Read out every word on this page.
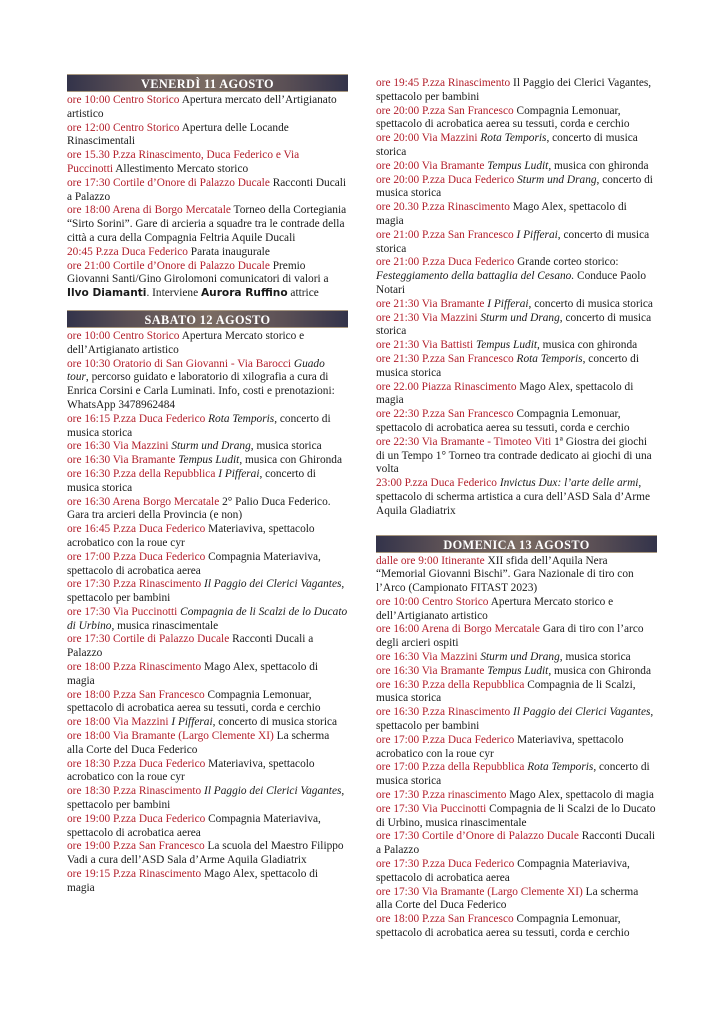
VENERDÌ 11 AGOSTO

ore 10:00 Centro Storico Apertura mercato dell’Artigianato artistico

ore 12:00 Centro Storico Apertura delle Locande Rinascimentali

ore 15.30 P.zza Rinascimento, Duca Federico e Via Puccinotti Allestimento Mercato storico

ore 17:30 Cortile d’Onore di Palazzo Ducale Racconti Ducali a Palazzo

ore 18:00 Arena di Borgo Mercatale Torneo della Cortegiania “Sirto Sorini”. Gare di arcieria a squadre tra le contrade della città a cura della Compagnia Feltria Aquile Ducali

20:45 P.zza Duca Federico Parata inaugurale

ore 21:00 Cortile d’Onore di Palazzo Ducale Premio Giovanni Santi/Gino Girolomoni comunicatori di valori a Ilvo Diamanti. Interviene Aurora Ruffino attrice

SABATO 12 AGOSTO

ore 10:00 Centro Storico Apertura Mercato storico e dell’Artigianato artistico

ore 10:30 Oratorio di San Giovanni - Via Barocci Guado tour, percorso guidato e laboratorio di xilografia a cura di Enrica Corsini e Carla Luminati. Info, costi e prenotazioni: WhatsApp 3478962484

ore 16:15 P.zza Duca Federico Rota Temporis, concerto di musica storica

ore 16:30 Via Mazzini Sturm und Drang, musica storica

ore 16:30 Via Bramante Tempus Ludit, musica con Ghironda

ore 16:30 P.zza della Repubblica I Pifferai, concerto di musica storica

ore 16:30 Arena Borgo Mercatale 2° Palio Duca Federico. Gara tra arcieri della Provincia (e non)

ore 16:45 P.zza Duca Federico Materiaviva, spettacolo acrobatico con la roue cyr

ore 17:00 P.zza Duca Federico Compagnia Materiaviva, spettacolo di acrobatica aerea

ore 17:30 P.zza Rinascimento Il Paggio dei Clerici Vagantes, spettacolo per bambini

ore 17:30 Via Puccinotti Compagnia de li Scalzi de lo Ducato di Urbino, musica rinascimentale

ore 17:30 Cortile di Palazzo Ducale Racconti Ducali a Palazzo

ore 18:00 P.zza Rinascimento Mago Alex, spettacolo di magia

ore 18:00 P.zza San Francesco Compagnia Lemonuar, spettacolo di acrobatica aerea su tessuti, corda e cerchio

ore 18:00 Via Mazzini I Pifferai, concerto di musica storica

ore 18:00 Via Bramante (Largo Clemente XI) La scherma alla Corte del Duca Federico

ore 18:30 P.zza Duca Federico Materiaviva, spettacolo acrobatico con la roue cyr

ore 18:30 P.zza Rinascimento Il Paggio dei Clerici Vagantes, spettacolo per bambini

ore 19:00 P.zza Duca Federico Compagnia Materiaviva, spettacolo di acrobatica aerea

ore 19:00 P.zza San Francesco La scuola del Maestro Filippo Vadi a cura dell’ASD Sala d’Arme Aquila Gladiatrix

ore 19:15 P.zza Rinascimento Mago Alex, spettacolo di magia

ore 19:45 P.zza Rinascimento Il Paggio dei Clerici Vagantes, spettacolo per bambini

ore 20:00 P.zza San Francesco Compagnia Lemonuar, spettacolo di acrobatica aerea su tessuti, corda e cerchio

ore 20:00 Via Mazzini Rota Temporis, concerto di musica storica

ore 20:00 Via Bramante Tempus Ludit, musica con ghironda

ore 20:00 P.zza Duca Federico Sturm und Drang, concerto di musica storica

ore 20.30 P.zza Rinascimento Mago Alex, spettacolo di magia

ore 21:00 P.zza San Francesco I Pifferai, concerto di musica storica

ore 21:00 P.zza Duca Federico Grande corteo storico: Festeggiamento della battaglia del Cesano. Conduce Paolo Notari

ore 21:30 Via Bramante I Pifferai, concerto di musica storica

ore 21:30 Via Mazzini Sturm und Drang, concerto di musica storica

ore 21:30 Via Battisti Tempus Ludit, musica con ghironda

ore 21:30 P.zza San Francesco Rota Temporis, concerto di musica storica

ore 22.00 Piazza Rinascimento Mago Alex, spettacolo di magia

ore 22:30 P.zza San Francesco Compagnia Lemonuar, spettacolo di acrobatica aerea su tessuti, corda e cerchio

ore 22:30 Via Bramante - Timoteo Viti 1ª Giostra dei giochi di un Tempo 1° Torneo tra contrade dedicato ai giochi di una volta

23:00 P.zza Duca Federico Invictus Dux: l’arte delle armi, spettacolo di scherma artistica a cura dell’ASD Sala d’Arme Aquila Gladiatrix

DOMENICA 13 AGOSTO

dalle ore 9:00 Itinerante XII sfida dell’Aquila Nera “Memorial Giovanni Bischi”. Gara Nazionale di tiro con l’Arco (Campionato FITAST 2023)

ore 10:00 Centro Storico Apertura Mercato storico e dell’Artigianato artistico

ore 16:00 Arena di Borgo Mercatale Gara di tiro con l’arco degli arcieri ospiti

ore 16:30 Via Mazzini Sturm und Drang, musica storica

ore 16:30 Via Bramante Tempus Ludit, musica con Ghironda

ore 16:30 P.zza della Repubblica Compagnia de li Scalzi, musica storica

ore 16:30 P.zza Rinascimento Il Paggio dei Clerici Vagantes, spettacolo per bambini

ore 17:00 P.zza Duca Federico Materiaviva, spettacolo acrobatico con la roue cyr

ore 17:00 P.zza della Repubblica Rota Temporis, concerto di musica storica

ore 17:30 P.zza rinascimento Mago Alex, spettacolo di magia

ore 17:30 Via Puccinotti Compagnia de li Scalzi de lo Ducato di Urbino, musica rinascimentale

ore 17:30 Cortile d’Onore di Palazzo Ducale Racconti Ducali a Palazzo

ore 17:30 P.zza Duca Federico Compagnia Materiaviva, spettacolo di acrobatica aerea

ore 17:30 Via Bramante (Largo Clemente XI) La scherma alla Corte del Duca Federico

ore 18:00 P.zza San Francesco Compagnia Lemonuar, spettacolo di acrobatica aerea su tessuti, corda e cerchio
